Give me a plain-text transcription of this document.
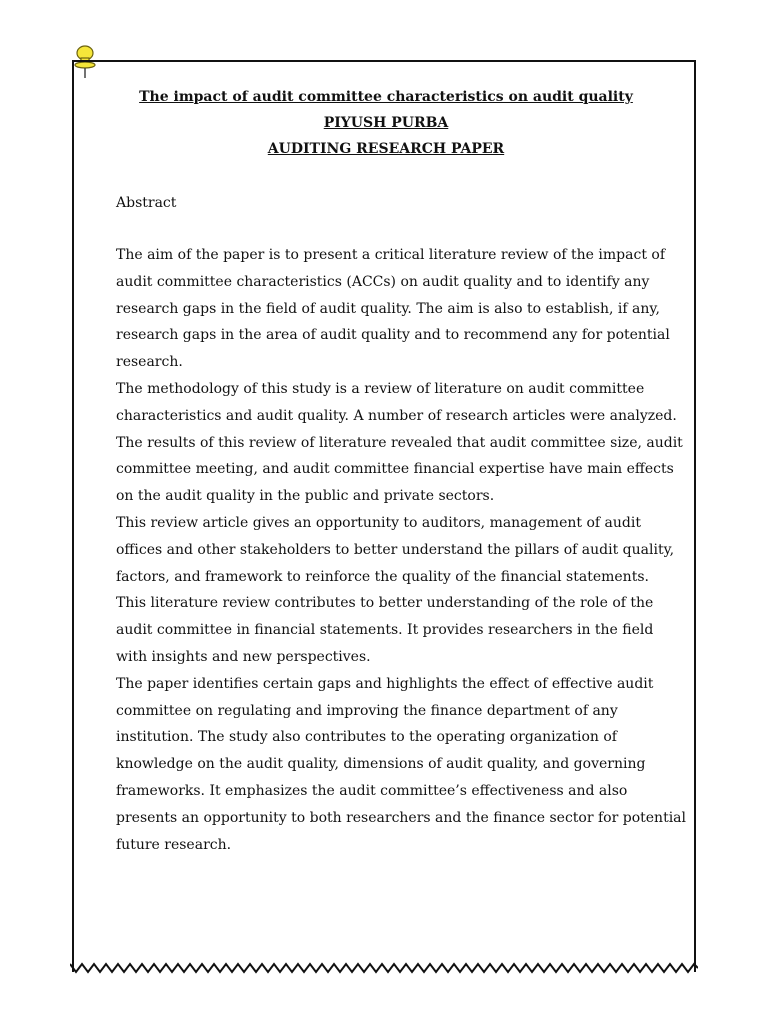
The impact of audit committee characteristics on audit quality

PIYUSH PURBA

AUDITING RESEARCH PAPER

Abstract

The aim of the paper is to present a critical literature review of the impact of

audit committee characteristics (ACCs) on audit quality and to identify any

research gaps in the field of audit quality. The aim is also to establish, if any,

research gaps in the area of audit quality and to recommend any for potential

research.

The methodology of this study is a review of literature on audit committee

characteristics and audit quality. A number of research articles were analyzed.

The results of this review of literature revealed that audit committee size, audit

committee meeting, and audit committee financial expertise have main effects

on the audit quality in the public and private sectors.

This review article gives an opportunity to auditors, management of audit

offices and other stakeholders to better understand the pillars of audit quality,

factors, and framework to reinforce the quality of the financial statements.

This literature review contributes to better understanding of the role of the

audit committee in financial statements. It provides researchers in the field

with insights and new perspectives.

The paper identifies certain gaps and highlights the effect of effective audit

committee on regulating and improving the finance department of any

institution. The study also contributes to the operating organization of

knowledge on the audit quality, dimensions of audit quality, and governing

frameworks. It emphasizes the audit committee’s effectiveness and also

presents an opportunity to both researchers and the finance sector for potential

future research.
